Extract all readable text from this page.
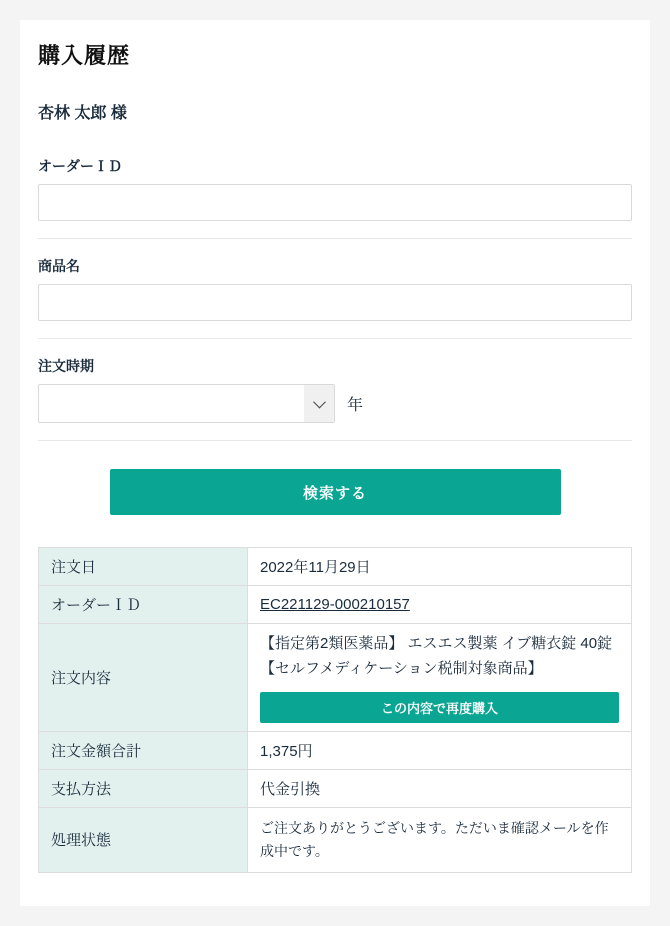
購入履歴
杏林 太郎 様
オーダーＩＤ
商品名
注文時期
年
検索する
注文日	2022年11月29日
オーダーＩＤ	EC221129-000210157
注文内容	【指定第2類医薬品】 エスエス製薬 イブ糖衣錠 40錠【セルフメディケーション税制対象商品】
この内容で再度購入

注文金額合計	1,375円
支払方法	代金引換
処理状態	ご注文ありがとうございます。ただいま確認メールを作成中です。
